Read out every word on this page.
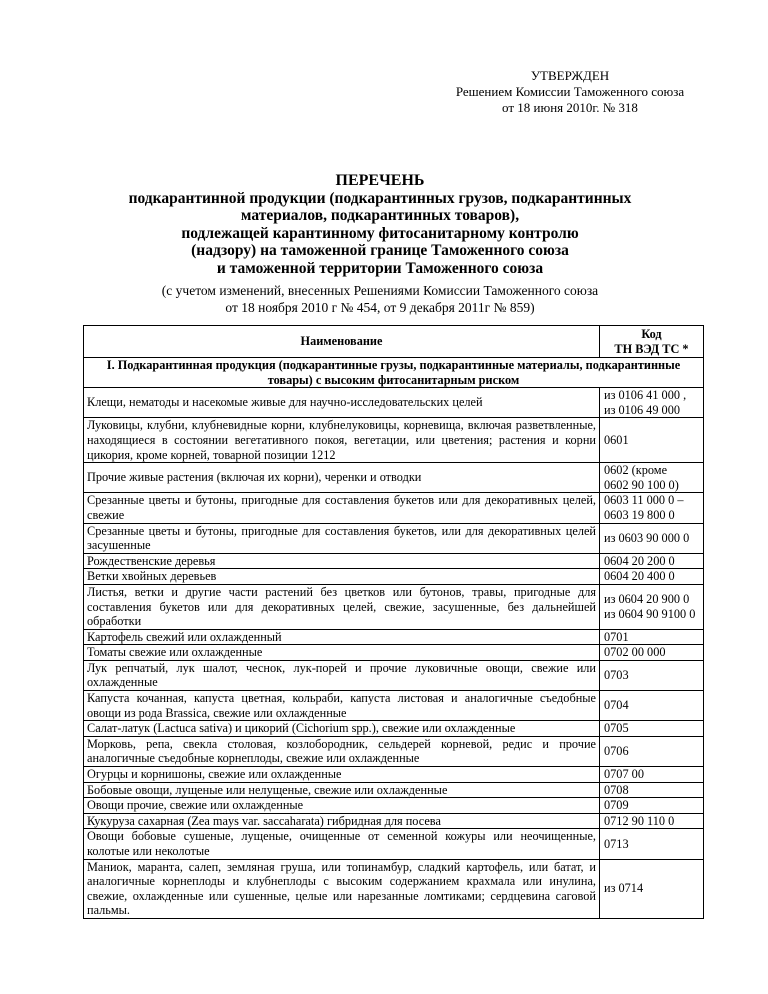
УТВЕРЖДЕН
Решением Комиссии Таможенного союза
от 18 июня 2010г. № 318
ПЕРЕЧЕНЬ
подкарантинной продукции (подкарантинных грузов, подкарантинных
материалов, подкарантинных товаров),
подлежащей карантинному фитосанитарному контролю
(надзору) на таможенной границе Таможенного союза
и таможенной территории Таможенного союза
(с учетом изменений, внесенных Решениями Комиссии Таможенного союза
от 18 ноября 2010 г № 454, от 9 декабря 2011г № 859)
Наименование	Код
ТН ВЭД ТС *

I. Подкарантинная продукция (подкарантинные грузы, подкарантинные материалы, подкарантинные товары) с высоким фитосанитарным риском	
Клещи, нематоды и насекомые живые для научно-исследовательских целей	из 0106 41 000 ,
из 0106 49 000

Луковицы, клубни, клубневидные корни, клубнелуковицы, корневища, включая разветвленные, находящиеся в состоянии вегетативного покоя, вегетации, или цветения; растения и корни цикория, кроме корней, товарной позиции 1212	0601

Прочие живые растения (включая их корни), черенки и отводки	0602 (кроме
0602 90 100 0)

Срезанные цветы и бутоны, пригодные для составления букетов или для декоративных целей, свежие	0603 11 000 0 –
0603 19 800 0

Срезанные цветы и бутоны, пригодные для составления букетов, или для декоративных целей засушенные	из 0603 90 000 0

Рождественские деревья	0604 20 200 0

Ветки хвойных деревьев	0604 20 400 0

Листья, ветки и другие части растений без цветков или бутонов, травы, пригодные для составления букетов или для декоративных целей, свежие, засушенные, без дальнейшей обработки	из 0604 20 900 0
из 0604 90 9100 0

Картофель свежий или охлажденный	0701

Томаты свежие или охлажденные	0702 00 000

Лук репчатый, лук шалот, чеснок, лук-порей и прочие луковичные овощи, свежие или охлажденные	0703

Капуста кочанная, капуста цветная, кольраби, капуста листовая и аналогичные съедобные овощи из рода Brassica, свежие или охлажденные	0704

Салат-латук (Lactuca sativa) и цикорий (Cichorium spp.), свежие или охлажденные	0705

Морковь, репа, свекла столовая, козлобородник, сельдерей корневой, редис и прочие аналогичные съедобные корнеплоды, свежие или охлажденные	0706

Огурцы и корнишоны, свежие или охлажденные	0707 00

Бобовые овощи, лущеные или нелущеные, свежие или охлажденные	0708

Овощи прочие, свежие или охлажденные	0709

Кукуруза сахарная (Zea mays var. saccaharata) гибридная для посева	0712 90 110 0

Овощи бобовые сушеные, лущеные, очищенные от семенной кожуры или неочищенные, колотые или неколотые	0713

Маниок, маранта, салеп, земляная груша, или топинамбур, сладкий картофель, или батат, и аналогичные корнеплоды и клубнеплоды с высоким содержанием крахмала или инулина, свежие, охлажденные или сушенные, целые или нарезанные ломтиками; сердцевина саговой пальмы.	из 0714
